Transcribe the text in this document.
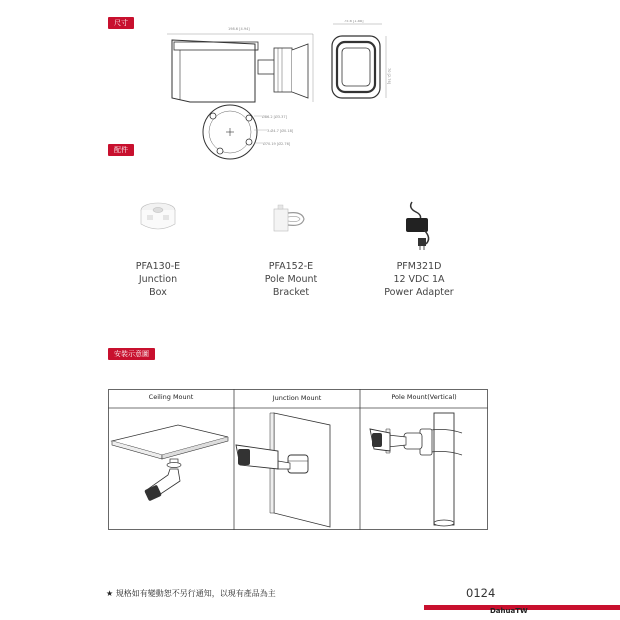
尺寸
198.6 [4.94]
75.6 [1.88]
70 [2.76]
Ø86.2 [Ø3.37]
3-Ø4.7 [Ø0.18]
Ø70.19 [Ø2.76]
配件
PFA130-E
Junction
Box
PFA152-E
Pole Mount
Bracket
PFM321D
12 VDC 1A
Power Adapter
安裝示意圖
Ceiling Mount	Junction Mount	Pole Mount(Vertical)
★ 規格如有變動恕不另行通知，以現有產品為主	0124
DahuaTW
